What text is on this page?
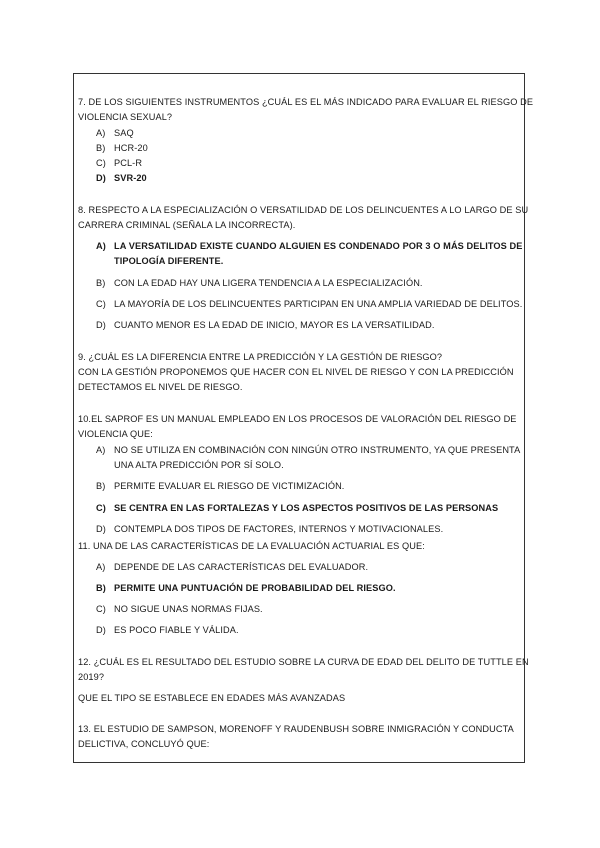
7. DE LOS SIGUIENTES INSTRUMENTOS ¿CUÁL ES EL MÁS INDICADO PARA EVALUAR EL RIESGO DE
VIOLENCIA SEXUAL?
A) SAQ
B) HCR-20
C) PCL-R
D) SVR-20
8. RESPECTO A LA ESPECIALIZACIÓN O VERSATILIDAD DE LOS DELINCUENTES A LO LARGO DE SU
CARRERA CRIMINAL (SEÑALA LA INCORRECTA).
A) LA VERSATILIDAD EXISTE CUANDO ALGUIEN ES CONDENADO POR 3 O MÁS DELITOS DE
TIPOLOGÍA DIFERENTE.
B) CON LA EDAD HAY UNA LIGERA TENDENCIA A LA ESPECIALIZACIÓN.
C) LA MAYORÍA DE LOS DELINCUENTES PARTICIPAN EN UNA AMPLIA VARIEDAD DE DELITOS.
D) CUANTO MENOR ES LA EDAD DE INICIO, MAYOR ES LA VERSATILIDAD.
9. ¿CUÁL ES LA DIFERENCIA ENTRE LA PREDICCIÓN Y LA GESTIÓN DE RIESGO?
CON LA GESTIÓN PROPONEMOS QUE HACER CON EL NIVEL DE RIESGO Y CON LA PREDICCIÓN
DETECTAMOS EL NIVEL DE RIESGO.
10.EL SAPROF ES UN MANUAL EMPLEADO EN LOS PROCESOS DE VALORACIÓN DEL RIESGO DE
VIOLENCIA QUE:
A) NO SE UTILIZA EN COMBINACIÓN CON NINGÚN OTRO INSTRUMENTO, YA QUE PRESENTA
UNA ALTA PREDICCIÓN POR SÍ SOLO.
B) PERMITE EVALUAR EL RIESGO DE VICTIMIZACIÓN.
C) SE CENTRA EN LAS FORTALEZAS Y LOS ASPECTOS POSITIVOS DE LAS PERSONAS
D) CONTEMPLA DOS TIPOS DE FACTORES, INTERNOS Y MOTIVACIONALES.
11. UNA DE LAS CARACTERÍSTICAS DE LA EVALUACIÓN ACTUARIAL ES QUE:
A) DEPENDE DE LAS CARACTERÍSTICAS DEL EVALUADOR.
B) PERMITE UNA PUNTUACIÓN DE PROBABILIDAD DEL RIESGO.
C) NO SIGUE UNAS NORMAS FIJAS.
D) ES POCO FIABLE Y VÁLIDA.
12. ¿CUÁL ES EL RESULTADO DEL ESTUDIO SOBRE LA CURVA DE EDAD DEL DELITO DE TUTTLE EN
2019?
QUE EL TIPO SE ESTABLECE EN EDADES MÁS AVANZADAS
13. EL ESTUDIO DE SAMPSON, MORENOFF Y RAUDENBUSH SOBRE INMIGRACIÓN Y CONDUCTA
DELICTIVA, CONCLUYÓ QUE:
